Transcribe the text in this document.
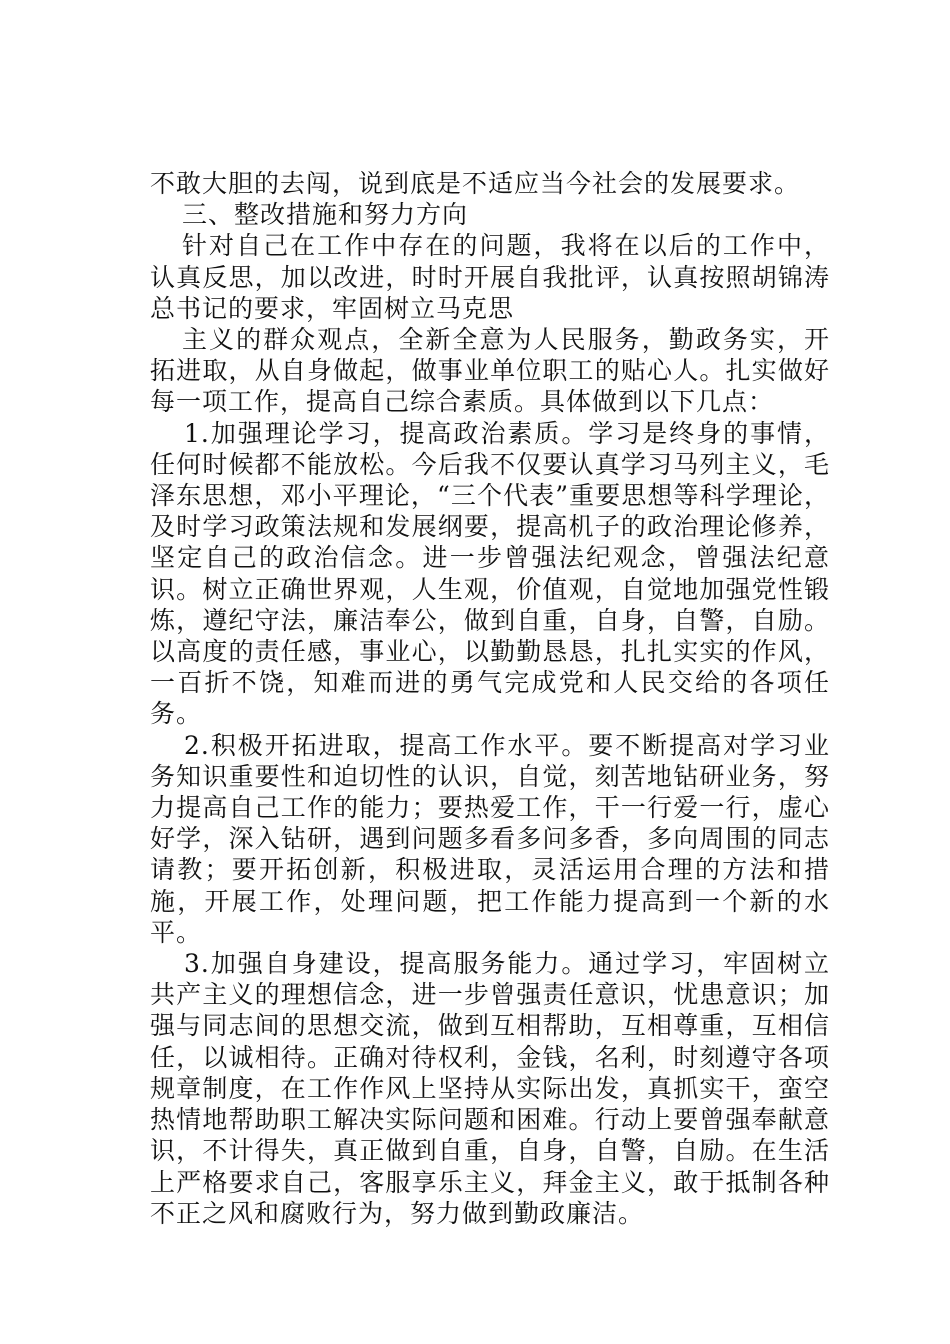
不敢大胆的去闯，说到底是不适应当今社会的发展要求。

三、整改措施和努力方向

针对自己在工作中存在的问题，我将在以后的工作中，认真反思，加以改进，时时开展自我批评，认真按照胡锦涛总书记的要求，牢固树立马克思

主义的群众观点，全新全意为人民服务，勤政务实，开拓进取，从自身做起，做事业单位职工的贴心人。扎实做好每一项工作，提高自己综合素质。具体做到以下几点：

1.加强理论学习，提高政治素质。学习是终身的事情，任何时候都不能放松。今后我不仅要认真学习马列主义，毛泽东思想，邓小平理论，“三个代表”重要思想等科学理论，及时学习政策法规和发展纲要，提高机子的政治理论修养，坚定自己的政治信念。进一步曾强法纪观念，曾强法纪意识。树立正确世界观，人生观，价值观，自觉地加强党性锻炼，遵纪守法，廉洁奉公，做到自重，自身，自警，自励。以高度的责任感，事业心，以勤勤恳恳，扎扎实实的作风，一百折不饶，知难而进的勇气完成党和人民交给的各项任务。

2.积极开拓进取，提高工作水平。要不断提高对学习业务知识重要性和迫切性的认识，自觉，刻苦地钻研业务，努力提高自己工作的能力；要热爱工作，干一行爱一行，虚心好学，深入钻研，遇到问题多看多问多香，多向周围的同志请教；要开拓创新，积极进取，灵活运用合理的方法和措施，开展工作，处理问题，把工作能力提高到一个新的水平。

3.加强自身建设，提高服务能力。通过学习，牢固树立共产主义的理想信念，进一步曾强责任意识，忧患意识；加强与同志间的思想交流，做到互相帮助，互相尊重，互相信任，以诚相待。正确对待权利，金钱，名利，时刻遵守各项规章制度，在工作作风上坚持从实际出发，真抓实干，蛮空热情地帮助职工解决实际问题和困难。行动上要曾强奉献意识，不计得失，真正做到自重，自身，自警，自励。在生活上严格要求自己，客服享乐主义，拜金主义，敢于抵制各种不正之风和腐败行为，努力做到勤政廉洁。
